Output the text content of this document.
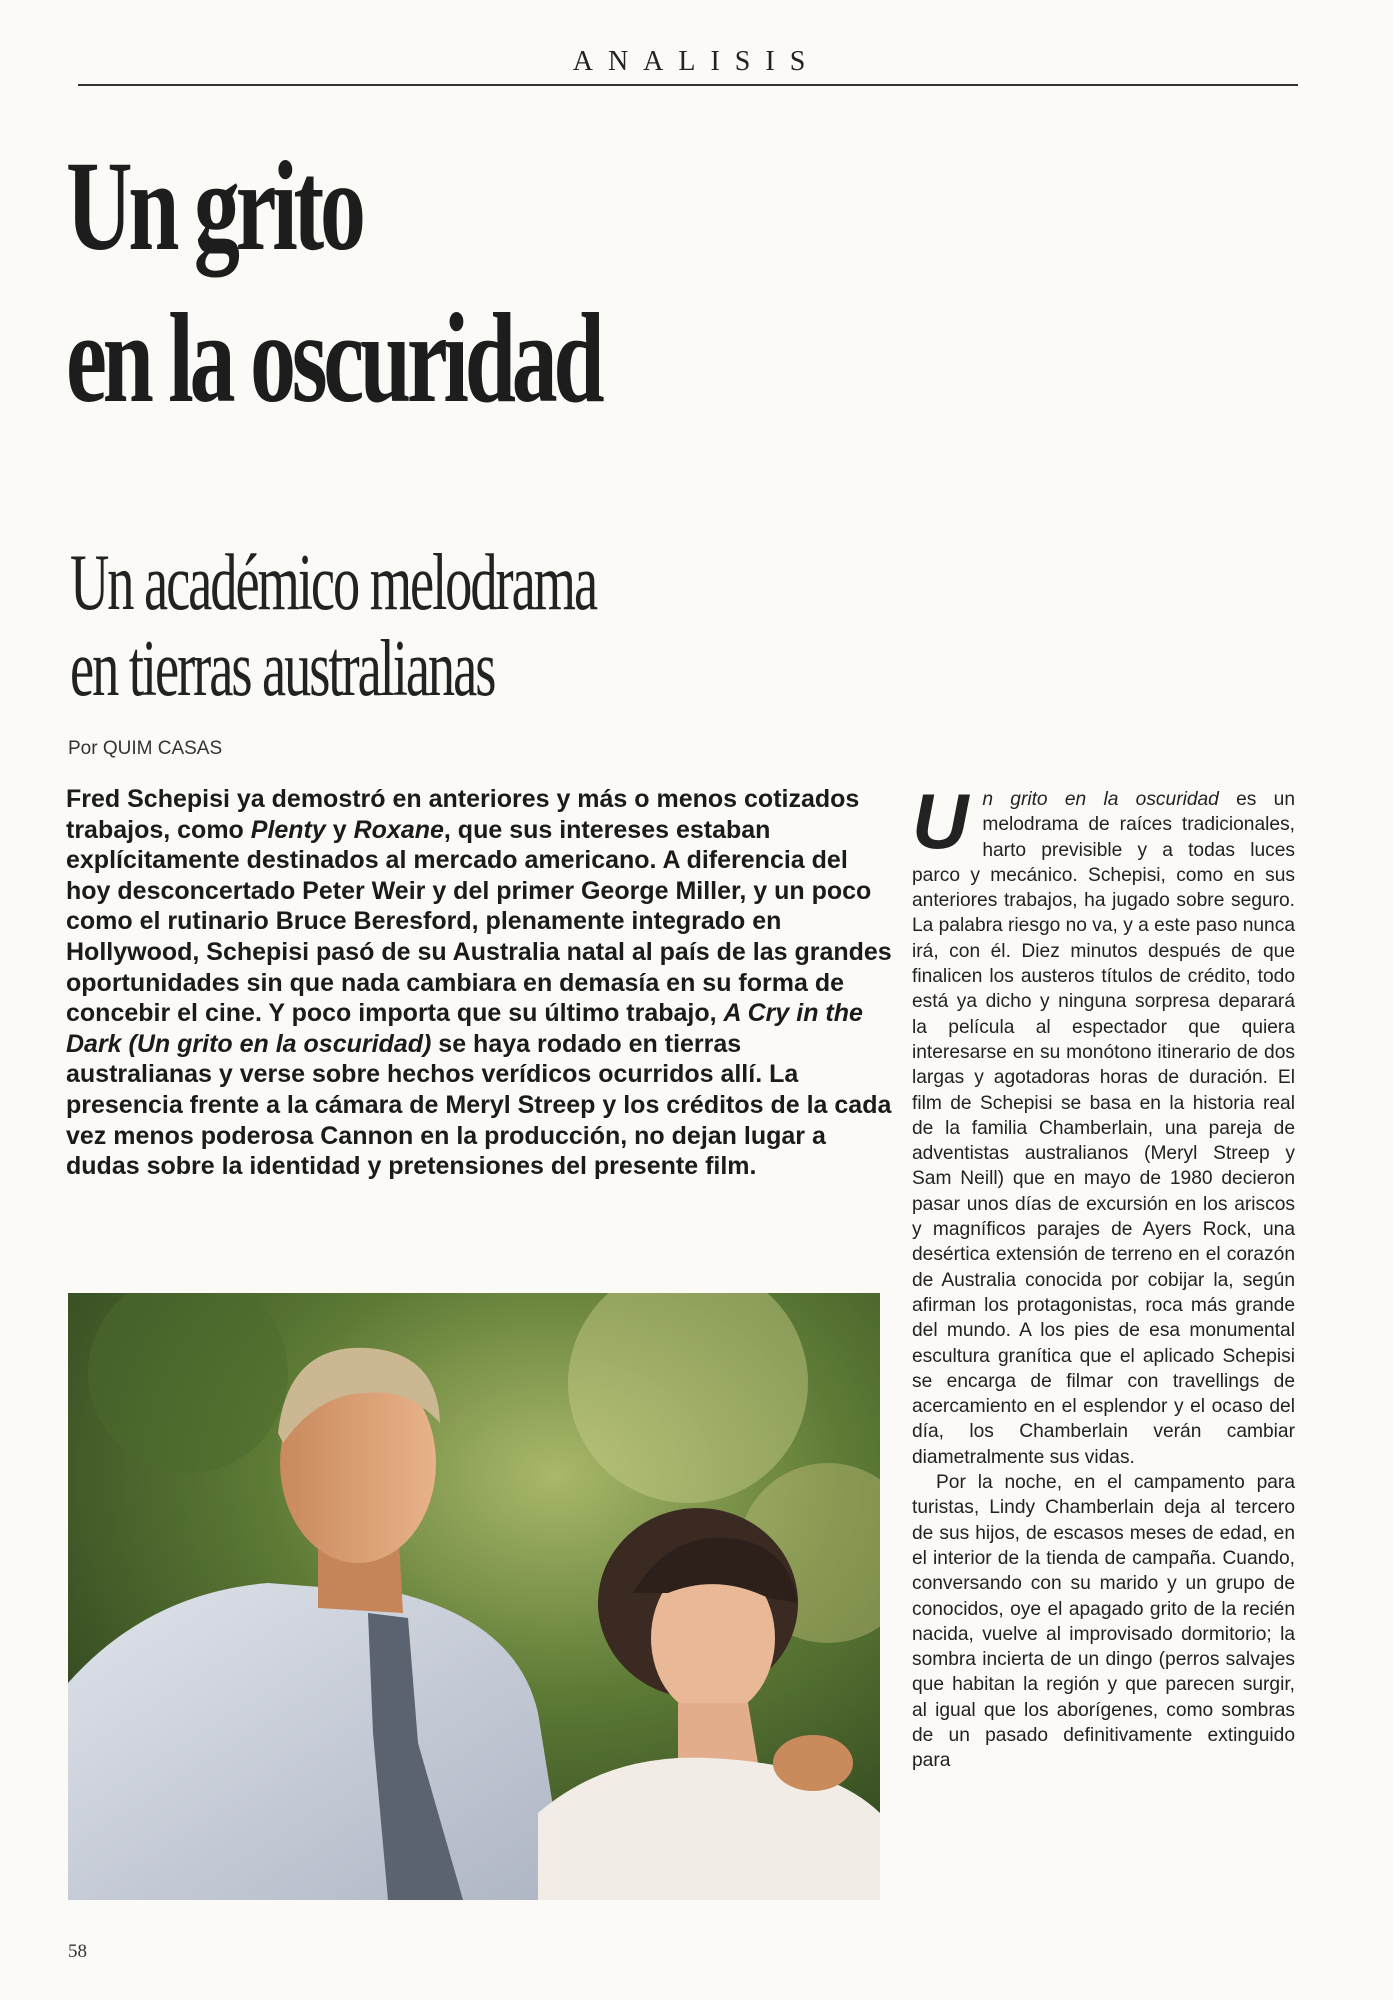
ANALISIS
Un grito
en la oscuridad
Un académico melodrama
en tierras australianas
Por QUIM CASAS
Fred Schepisi ya demostró en anteriores y más o menos cotizados trabajos, como Plenty y Roxane, que sus intereses estaban explícitamente destinados al mercado americano. A diferencia del hoy desconcertado Peter Weir y del primer George Miller, y un poco como el rutinario Bruce Beresford, plenamente integrado en Hollywood, Schepisi pasó de su Australia natal al país de las grandes oportunidades sin que nada cambiara en demasía en su forma de concebir el cine. Y poco importa que su último trabajo, A Cry in the Dark (Un grito en la oscuridad) se haya rodado en tierras australianas y verse sobre hechos verídicos ocurridos allí. La presencia frente a la cámara de Meryl Streep y los créditos de la cada vez menos poderosa Cannon en la producción, no dejan lugar a dudas sobre la identidad y pretensiones del presente film.

Un grito en la oscuridad es un melodrama de raíces tradicionales, harto previsible y a todas luces parco y mecánico. Schepisi, como en sus anteriores trabajos, ha jugado sobre seguro. La palabra riesgo no va, y a este paso nunca irá, con él. Diez minutos después de que finalicen los austeros títulos de crédito, todo está ya dicho y ninguna sorpresa deparará la película al espectador que quiera interesarse en su monótono itinerario de dos largas y agotadoras horas de duración. El film de Schepisi se basa en la historia real de la familia Chamberlain, una pareja de adventistas australianos (Meryl Streep y Sam Neill) que en mayo de 1980 decieron pasar unos días de excursión en los ariscos y magníficos parajes de Ayers Rock, una desértica extensión de terreno en el corazón de Australia conocida por cobijar la, según afirman los protagonistas, roca más grande del mundo. A los pies de esa monumental escultura granítica que el aplicado Schepisi se encarga de filmar con travellings de acercamiento en el esplendor y el ocaso del día, los Chamberlain verán cambiar diametralmente sus vidas.

Por la noche, en el campamento para turistas, Lindy Chamberlain deja al tercero de sus hijos, de escasos meses de edad, en el interior de la tienda de campaña. Cuando, conversando con su marido y un grupo de conocidos, oye el apagado grito de la recién nacida, vuelve al improvisado dormitorio; la sombra incierta de un dingo (perros salvajes que habitan la región y que parecen surgir, al igual que los aborígenes, como sombras de un pasado definitivamente extinguido para

58
